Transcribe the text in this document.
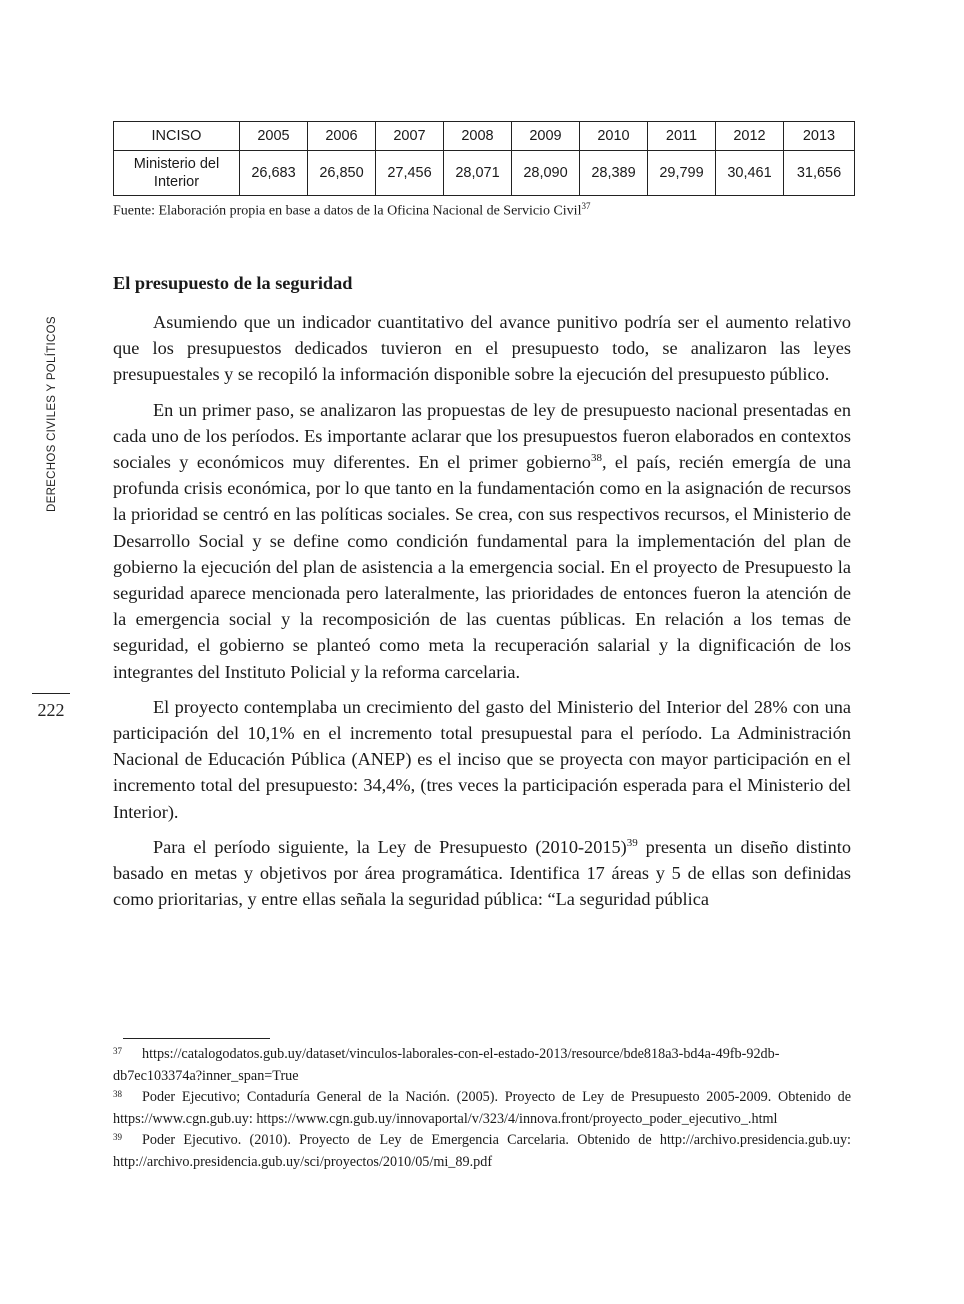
DERECHOS CIVILES Y POLÍTICOS
222
INCISO	2005	2006	2007	2008	2009	2010	2011	2012	2013
Ministerio del
Interior	26,683	26,850	27,456	28,071	28,090	28,389	29,799	30,461	31,656
Fuente: Elaboración propia en base a datos de la Oficina Nacional de Servicio Civil$^{37}$
El presupuesto de la seguridad

Asumiendo que un indicador cuantitativo del avance punitivo podría ser el aumento relativo que los presupuestos dedicados tuvieron en el presupuesto todo, se analizaron las leyes presupuestales y se recopiló la información disponible sobre la ejecución del presupuesto público.

En un primer paso, se analizaron las propuestas de ley de presupuesto nacional presentadas en cada uno de los períodos. Es importante aclarar que los presupuestos fueron elaborados en contextos sociales y económicos muy diferentes. En el primer gobierno$^{38}$, el país, recién emergía de una profunda crisis económica, por lo que tanto en la fundamentación como en la asignación de recursos la prioridad se centró en las políticas sociales. Se crea, con sus respectivos recursos, el Ministerio de Desarrollo Social y se define como condición fundamental para la implementación del plan de gobierno la ejecución del plan de asistencia a la emergencia social. En el proyecto de Presupuesto la seguridad aparece mencionada pero lateralmente, las prioridades de entonces fueron la atención de la emergencia social y la recomposición de las cuentas públicas. En relación a los temas de seguridad, el gobierno se planteó como meta la recuperación salarial y la dignificación de los integrantes del Instituto Policial y la reforma carcelaria.

El proyecto contemplaba un crecimiento del gasto del Ministerio del Interior del 28% con una participación del 10,1% en el incremento total presupuestal para el período. La Administración Nacional de Educación Pública (ANEP) es el inciso que se proyecta con mayor participación en el incremento total del presupuesto: 34,4%, (tres veces la participación esperada para el Ministerio del Interior).

Para el período siguiente, la Ley de Presupuesto (2010-2015)$^{39}$ presenta un diseño distinto basado en metas y objetivos por área programática. Identifica 17 áreas y 5 de ellas son definidas como prioritarias, y entre ellas señala la seguridad pública: “La seguridad pública

37 https://catalogodatos.gub.uy/dataset/vinculos-laborales-con-el-estado-2013/resource/bde818a3-bd4a-49fb-92db-db7ec103374a?inner_span=True

38 Poder Ejecutivo; Contaduría General de la Nación. (2005). Proyecto de Ley de Presupuesto 2005-2009. Obtenido de https://www.cgn.gub.uy: https://www.cgn.gub.uy/innovaportal/v/323/4/innova.front/proyecto_poder_ejecutivo_.html

39 Poder Ejecutivo. (2010). Proyecto de Ley de Emergencia Carcelaria. Obtenido de http://archivo.presidencia.gub.uy: http://archivo.presidencia.gub.uy/sci/proyectos/2010/05/mi_89.pdf
